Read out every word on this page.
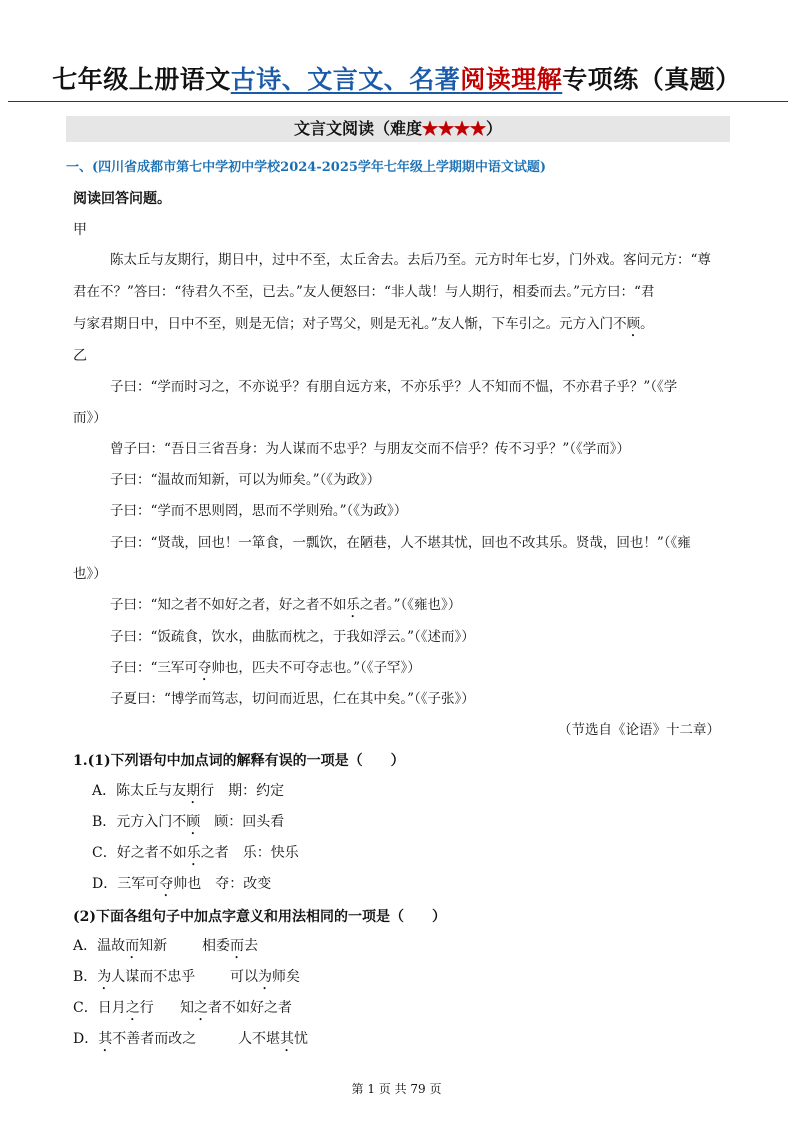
七年级上册语文古诗、文言文、名著阅读理解专项练（真题）
文言文阅读（难度★★★★）
一、(四川省成都市第七中学初中学校2024-2025学年七年级上学期期中语文试题)
阅读回答问题。
甲
陈太丘与友期行，期日中，过中不至，太丘舍去。去后乃至。元方时年七岁，门外戏。客问元方：“尊
君在不？”答曰：“待君久不至，已去。”友人便怒曰：“非人哉！与人期行，相委而去。”元方曰：“君
与家君期日中，日中不至，则是无信；对子骂父，则是无礼。”友人惭，下车引之。元方入门不顾。
乙
子曰：“学而时习之，不亦说乎？有朋自远方来，不亦乐乎？人不知而不愠，不亦君子乎？”（《学
而》）
曾子曰：“吾日三省吾身：为人谋而不忠乎？与朋友交而不信乎？传不习乎？”（《学而》）
子曰：“温故而知新，可以为师矣。”（《为政》）
子曰：“学而不思则罔，思而不学则殆。”（《为政》）
子曰：“贤哉，回也！一箪食，一瓢饮，在陋巷，人不堪其忧，回也不改其乐。贤哉，回也！”（《雍
也》）
子曰：“知之者不如好之者，好之者不如乐之者。”（《雍也》）
子曰：“饭疏食，饮水，曲肱而枕之，于我如浮云。”（《述而》）
子曰：“三军可夺帅也，匹夫不可夺志也。”（《子罕》）
子夏曰：“博学而笃志，切问而近思，仁在其中矣。”（《子张》）
（节选自《论语》十二章）
1.(1)下列语句中加点词的解释有误的一项是（　　）
A．陈太丘与友期行　期：约定
B．元方入门不顾　顾：回头看
C．好之者不如乐之者　乐：快乐
D．三军可夺帅也　夺：改变
(2)下面各组句子中加点字意义和用法相同的一项是（　　）
A．温故而知新 相委而去
B．为人谋而不忠乎 可以为师矣
C．日月之行 知之者不如好之者
D．其不善者而改之	人不堪其忧
第 1 页 共 79 页
